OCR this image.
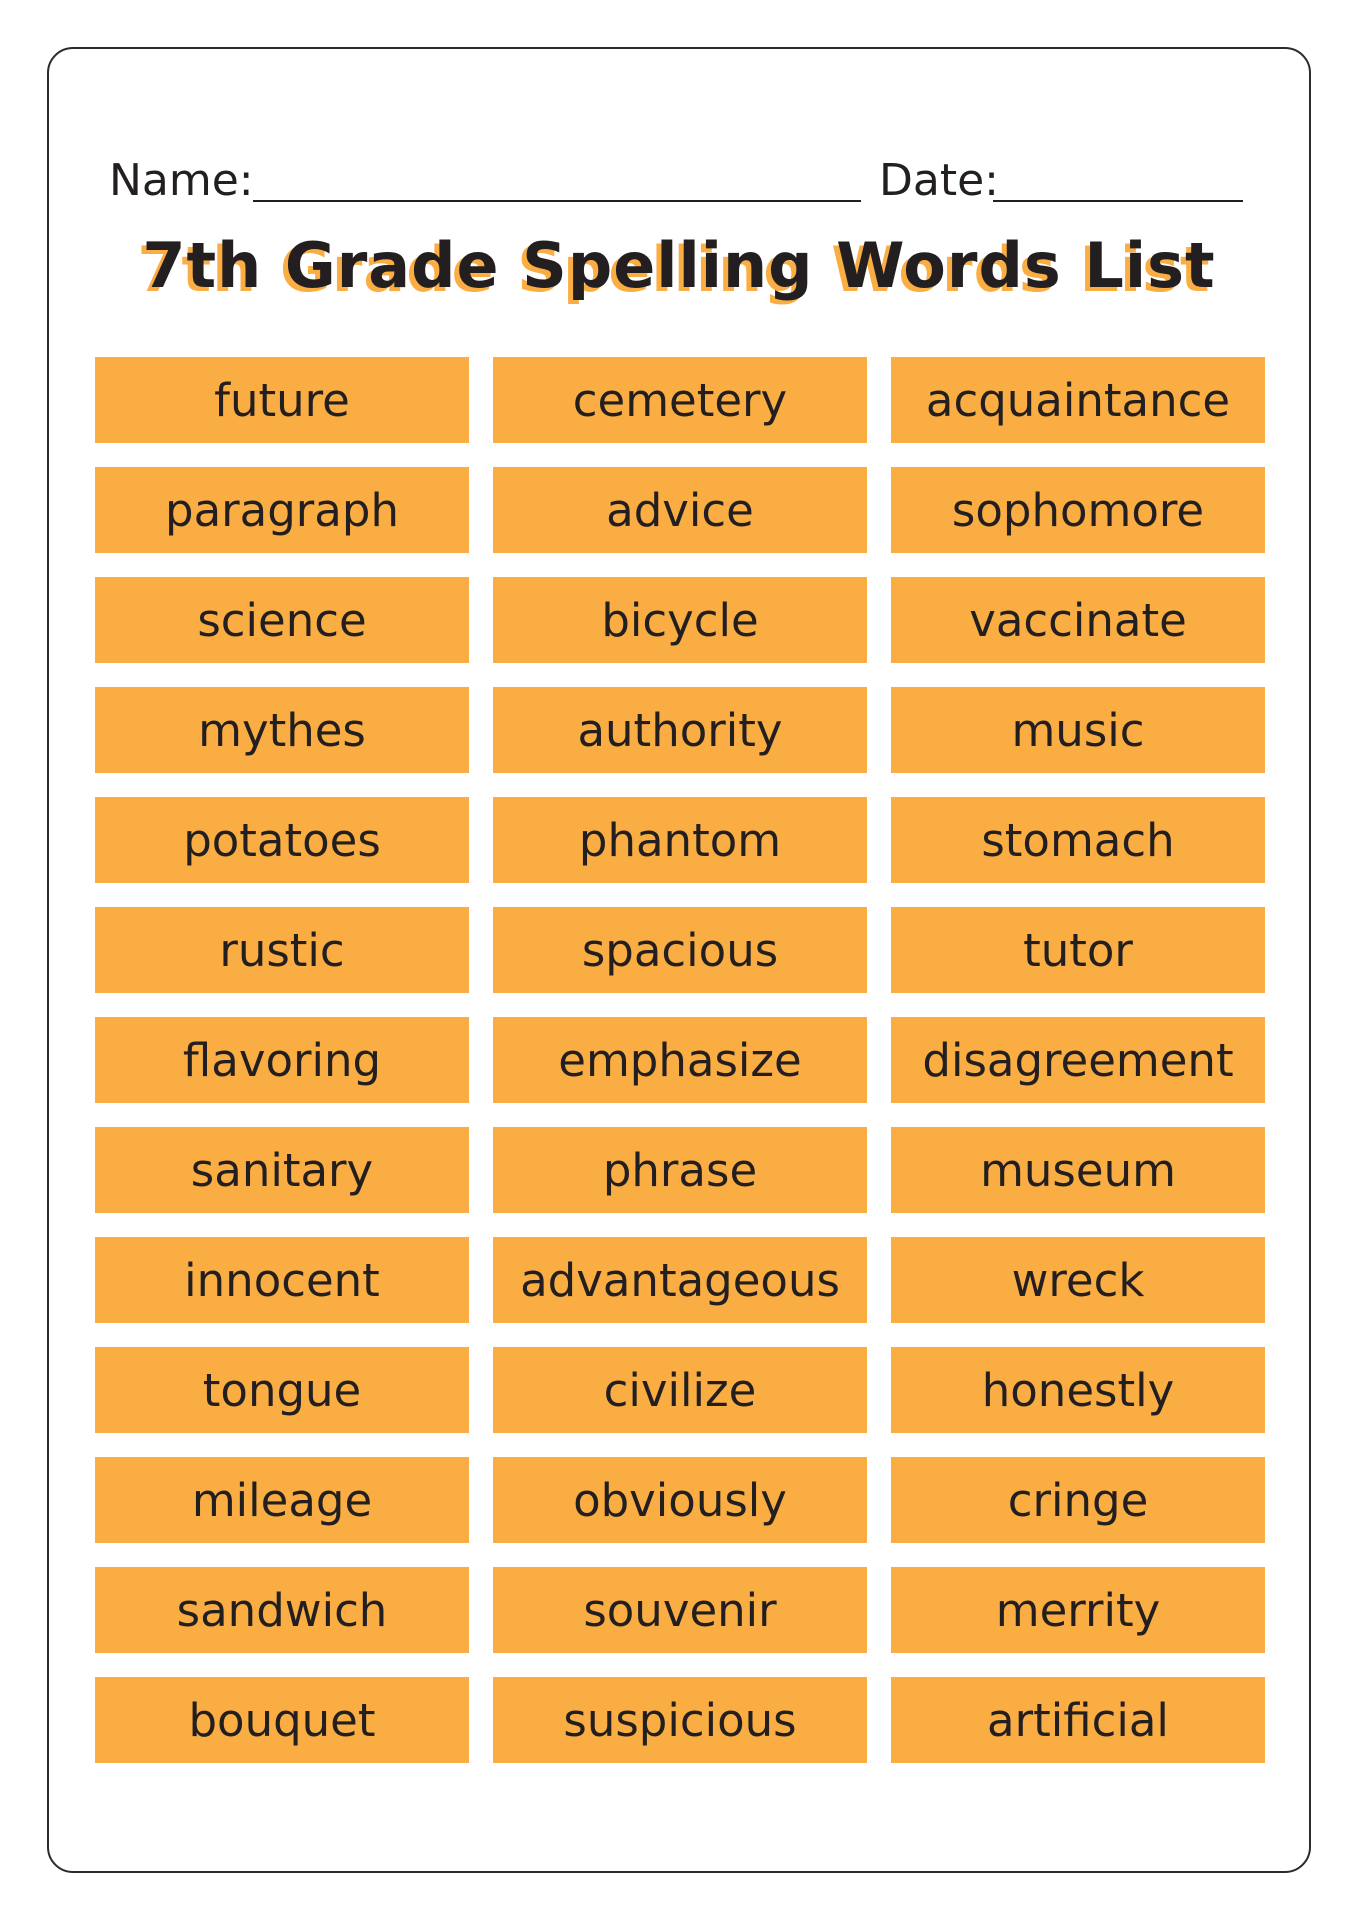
Name:	Date:
7th Grade Spelling Words List
future	cemetery	acquaintance
paragraph	advice	sophomore
science	bicycle	vaccinate
mythes	authority	music
potatoes	phantom	stomach
rustic	spacious	tutor
flavoring	emphasize	disagreement
sanitary	phrase	museum
innocent	advantageous	wreck
tongue	civilize	honestly
mileage	obviously	cringe
sandwich	souvenir	merrity
bouquet	suspicious	artificial
